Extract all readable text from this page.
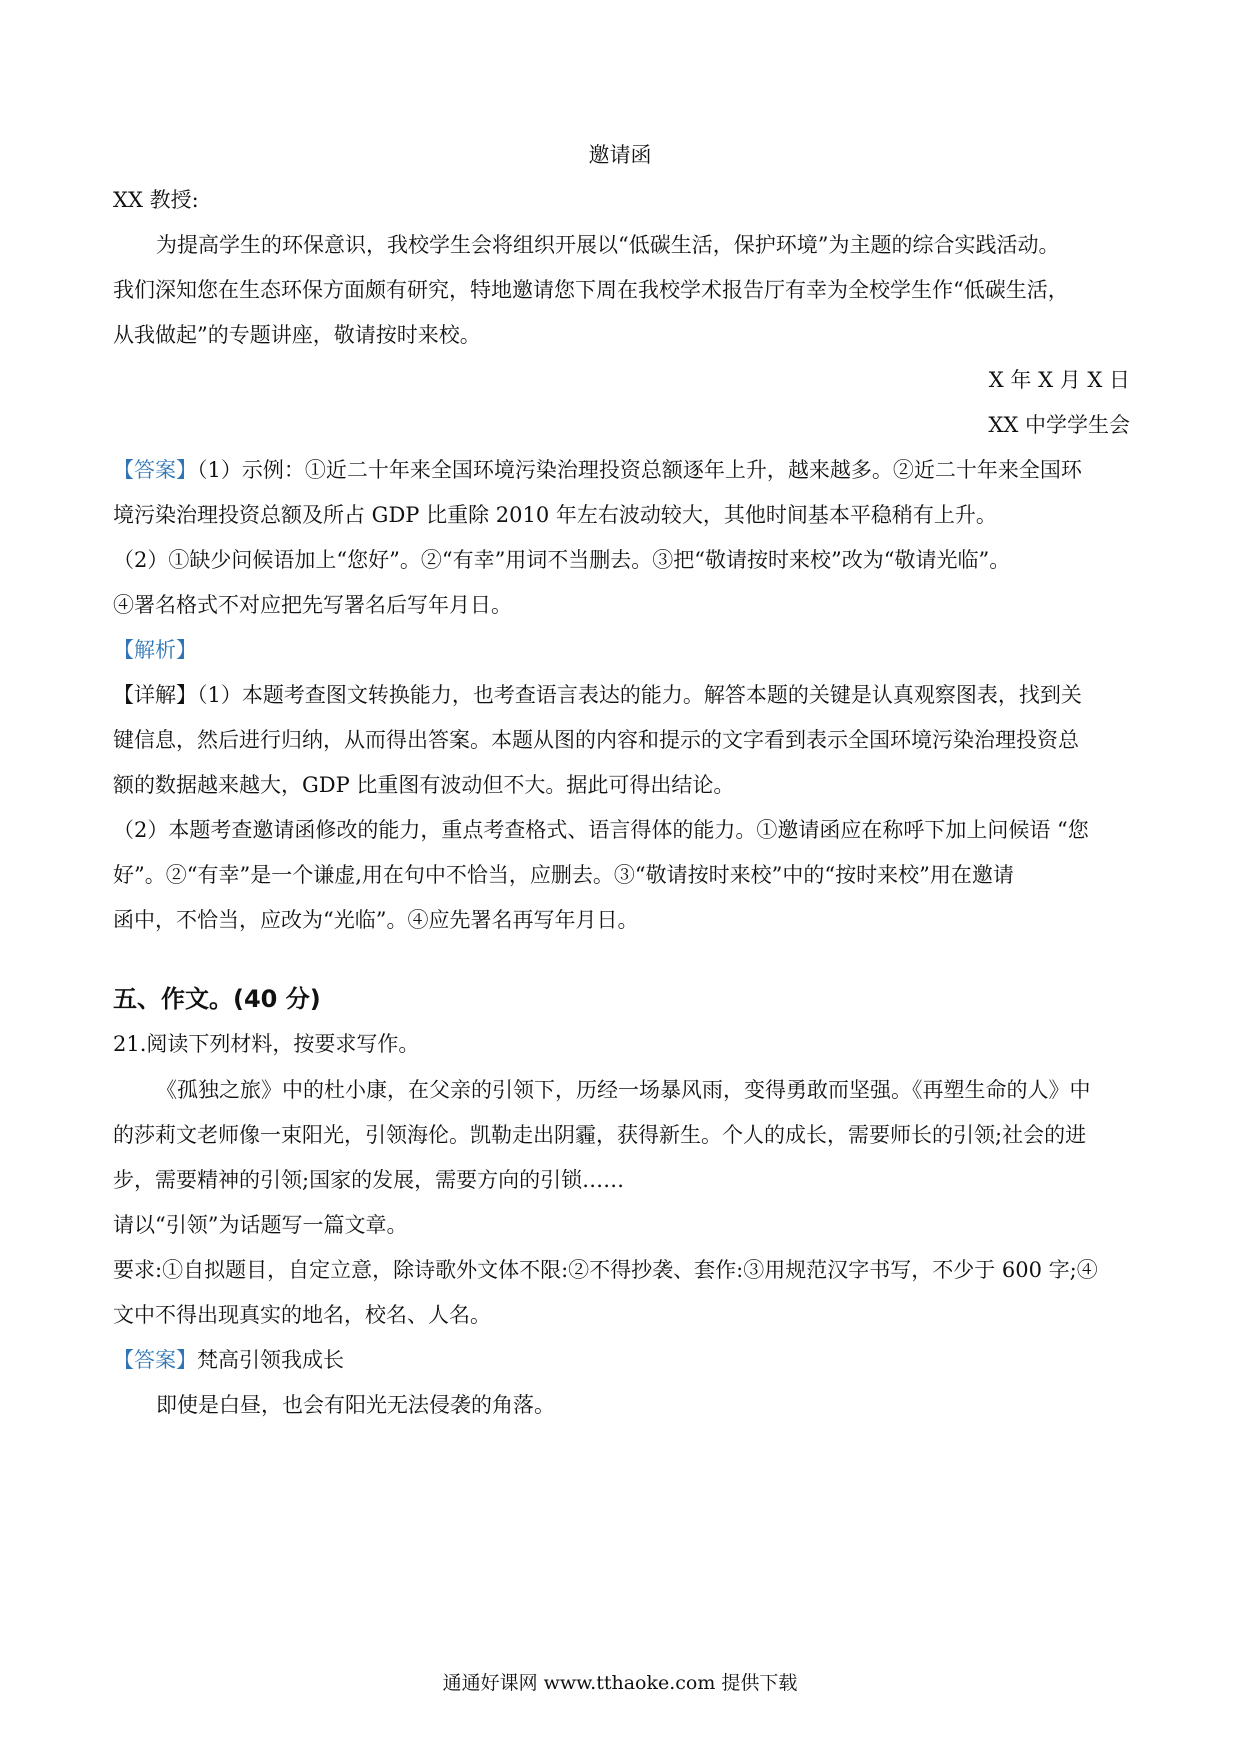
邀请函
XX 教授:
为提高学生的环保意识，我校学生会将组织开展以“低碳生活，保护环境”为主题的综合实践活动。
我们深知您在生态环保方面颇有研究，特地邀请您下周在我校学术报告厅有幸为全校学生作“低碳生活，
从我做起”的专题讲座，敬请按时来校。
X 年 X 月 X 日
XX 中学学生会
【答案】（1）示例：①近二十年来全国环境污染治理投资总额逐年上升，越来越多。②近二十年来全国环
境污染治理投资总额及所占 GDP 比重除 2010 年左右波动较大，其他时间基本平稳稍有上升。
（2）①缺少问候语加上“您好”。②“有幸”用词不当删去。③把“敬请按时来校”改为“敬请光临”。
④署名格式不对应把先写署名后写年月日。
【解析】
【详解】（1）本题考查图文转换能力，也考查语言表达的能力。解答本题的关键是认真观察图表，找到关
键信息，然后进行归纳，从而得出答案。本题从图的内容和提示的文字看到表示全国环境污染治理投资总
额的数据越来越大，GDP 比重图有波动但不大。据此可得出结论。
（2）本题考查邀请函修改的能力，重点考查格式、语言得体的能力。①邀请函应在称呼下加上问候语 “您
好”。②“有幸”是一个谦虚,用在句中不恰当，应删去。③“敬请按时来校”中的“按时来校”用在邀请
函中，不恰当，应改为“光临”。④应先署名再写年月日。
五、作文。(40 分)
21.阅读下列材料，按要求写作。
《孤独之旅》中的杜小康，在父亲的引领下，历经一场暴风雨，变得勇敢而坚强。《再塑生命的人》中
的莎莉文老师像一束阳光，引领海伦。凯勒走出阴霾，获得新生。个人的成长，需要师长的引领;社会的进
步，需要精神的引领;国家的发展，需要方向的引锁……
请以“引领”为话题写一篇文章。
要求:①自拟题目，自定立意，除诗歌外文体不限:②不得抄袭、套作:③用规范汉字书写，不少于 600 字;④
文中不得出现真实的地名，校名、人名。
【答案】梵高引领我成长
即使是白昼，也会有阳光无法侵袭的角落。
通通好课网 www.tthaoke.com 提供下载
